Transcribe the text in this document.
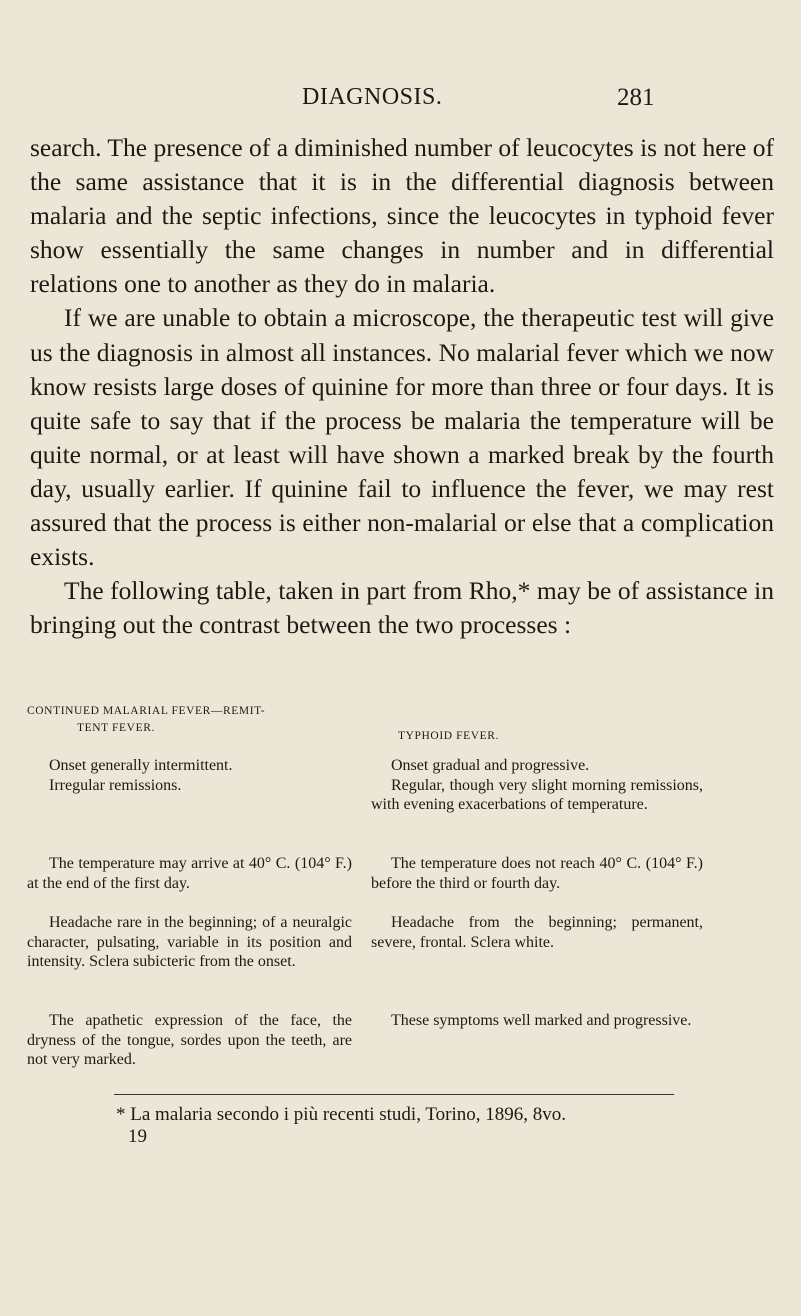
DIAGNOSIS.	281

search. The presence of a diminished number of leucocytes is not here of the same assistance that it is in the differential diagnosis between malaria and the septic infections, since the leucocytes in typhoid fever show essentially the same changes in number and in differential relations one to another as they do in malaria.

If we are unable to obtain a microscope, the therapeutic test will give us the diagnosis in almost all instances. No malarial fever which we now know resists large doses of quinine for more than three or four days. It is quite safe to say that if the process be malaria the temperature will be quite normal, or at least will have shown a marked break by the fourth day, usually earlier. If quinine fail to influence the fever, we may rest assured that the process is either non-malarial or else that a complication exists.

The following table, taken in part from Rho,* may be of assistance in bringing out the contrast between the two processes :

CONTINUED MALARIAL FEVER—REMIT-
TENT FEVER.

Onset generally intermittent.

Irregular remissions.

The temperature may arrive at 40° C. (104° F.) at the end of the first day.

Headache rare in the beginning; of a neuralgic character, pulsating, variable in its position and intensity. Sclera subicteric from the onset.

The apathetic expression of the face, the dryness of the tongue, sordes upon the teeth, are not very marked.

TYPHOID FEVER.

Onset gradual and progressive.

Regular, though very slight morning remissions, with evening exacerbations of temperature.

The temperature does not reach 40° C. (104° F.) before the third or fourth day.

Headache from the beginning; permanent, severe, frontal. Sclera white.

These symptoms well marked and progressive.

* La malaria secondo i più recenti studi, Torino, 1896, 8vo.
19
